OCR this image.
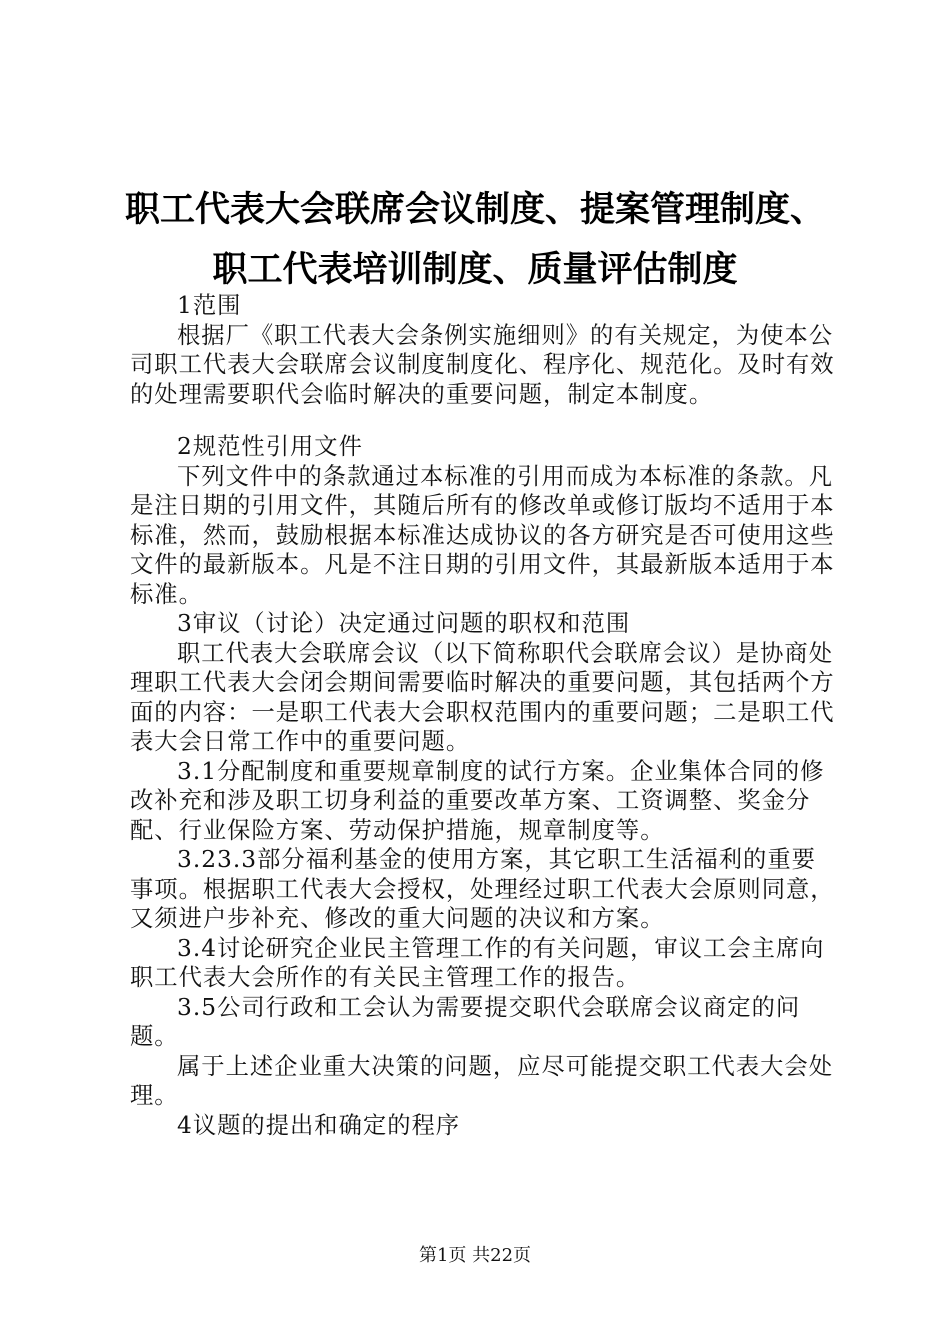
职工代表大会联席会议制度、提案管理制度、
职工代表培训制度、质量评估制度

1范围

根据厂《职工代表大会条例实施细则》的有关规定，为使本公司职工代表大会联席会议制度制度化、程序化、规范化。及时有效的处理需要职代会临时解决的重要问题，制定本制度。

2规范性引用文件

下列文件中的条款通过本标准的引用而成为本标准的条款。凡是注日期的引用文件，其随后所有的修改单或修订版均不适用于本标准，然而，鼓励根据本标准达成协议的各方研究是否可使用这些文件的最新版本。凡是不注日期的引用文件，其最新版本适用于本标准。

3审议（讨论）决定通过问题的职权和范围

职工代表大会联席会议（以下简称职代会联席会议）是协商处理职工代表大会闭会期间需要临时解决的重要问题，其包括两个方面的内容：一是职工代表大会职权范围内的重要问题；二是职工代表大会日常工作中的重要问题。

3.1分配制度和重要规章制度的试行方案。企业集体合同的修改补充和涉及职工切身利益的重要改革方案、工资调整、奖金分配、行业保险方案、劳动保护措施，规章制度等。

3.23.3部分福利基金的使用方案，其它职工生活福利的重要事项。根据职工代表大会授权，处理经过职工代表大会原则同意，又须进户步补充、修改的重大问题的决议和方案。

3.4讨论研究企业民主管理工作的有关问题，审议工会主席向职工代表大会所作的有关民主管理工作的报告。

3.5公司行政和工会认为需要提交职代会联席会议商定的问题。

属于上述企业重大决策的问题，应尽可能提交职工代表大会处理。

4议题的提出和确定的程序

第1页 共22页
